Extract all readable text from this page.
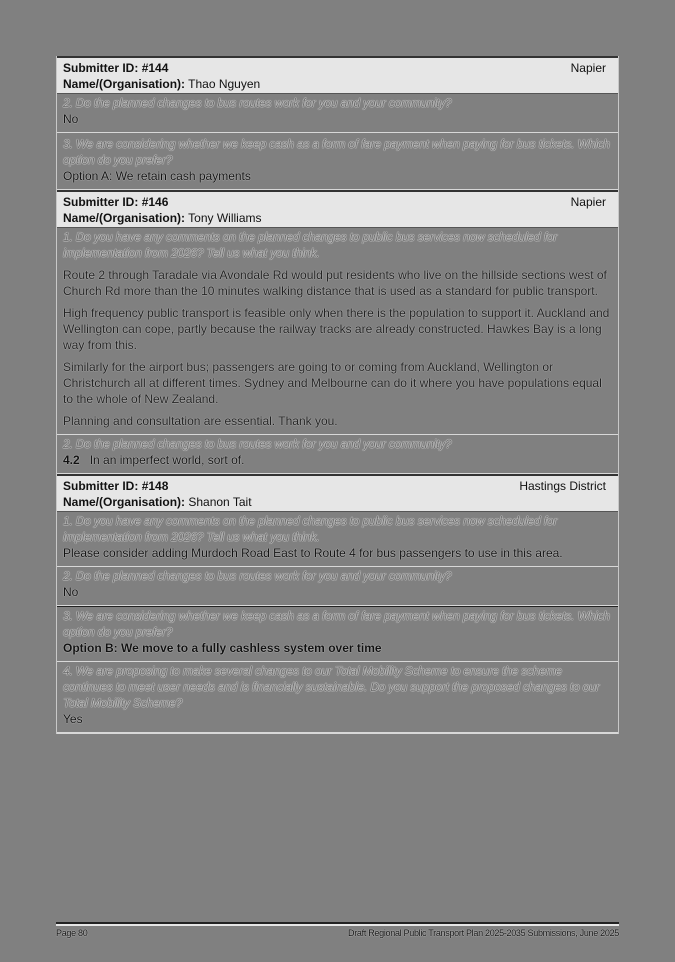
Submitter ID: #144	Napier
Name/(Organisation): Thao Nguyen
2. Do the planned changes to bus routes work for you and your community?
No
3. We are considering whether we keep cash as a form of fare payment when paying for bus tickets. Which option do you prefer?
Option A: We retain cash payments
Submitter ID: #146	Napier
Name/(Organisation): Tony Williams
1. Do you have any comments on the planned changes to public bus services now scheduled for implementation from 2026? Tell us what you think.

Route 2 through Taradale via Avondale Rd would put residents who live on the hillside sections west of Church Rd more than the 10 minutes walking distance that is used as a standard for public transport.

High frequency public transport is feasible only when there is the population to support it. Auckland and Wellington can cope, partly because the railway tracks are already constructed. Hawkes Bay is a long way from this.

Similarly for the airport bus; passengers are going to or coming from Auckland, Wellington or Christchurch all at different times. Sydney and Melbourne can do it where you have populations equal to the whole of New Zealand.

Planning and consultation are essential. Thank you.

2. Do the planned changes to bus routes work for you and your community?
4.2 In an imperfect world, sort of.
Submitter ID: #148	Hastings District
Name/(Organisation): Shanon Tait
1. Do you have any comments on the planned changes to public bus services now scheduled for implementation from 2026? Tell us what you think.
Please consider adding Murdoch Road East to Route 4 for bus passengers to use in this area.
2. Do the planned changes to bus routes work for you and your community?
No
3. We are considering whether we keep cash as a form of fare payment when paying for bus tickets. Which option do you prefer?
Option B: We move to a fully cashless system over time
4. We are proposing to make several changes to our Total Mobility Scheme to ensure the scheme continues to meet user needs and is financially sustainable. Do you support the proposed changes to our Total Mobility Scheme?
Yes
Page 80	Draft Regional Public Transport Plan 2025-2035 Submissions, June 2025
